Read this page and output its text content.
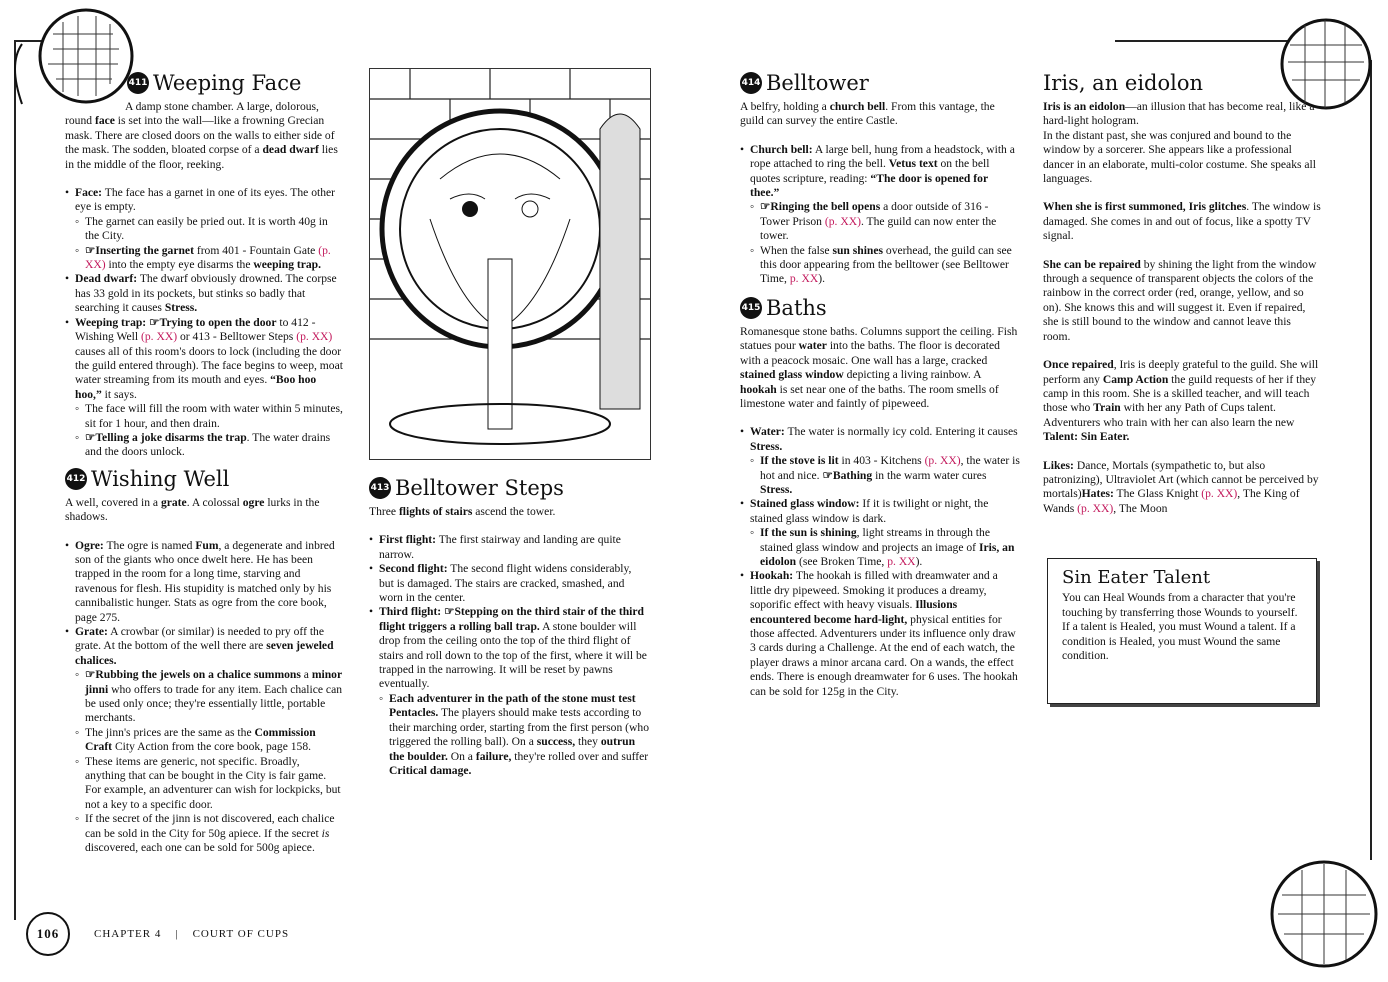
411 Weeping Face

A damp stone chamber. A large, dolorous, round face is set into the wall—like a frowning Grecian mask. There are closed doors on the walls to either side of the mask. The sodden, bloated corpse of a dead dwarf lies in the middle of the floor, reeking.

• Face: The face has a garnet in one of its eyes. The other eye is empty.
◦ The garnet can easily be pried out. It is worth 40g in the City.
◦ ☞Inserting the garnet from 401 - Fountain Gate (p. XX) into the empty eye disarms the weeping trap.
• Dead dwarf: The dwarf obviously drowned. The corpse has 33 gold in its pockets, but stinks so badly that searching it causes Stress.
• Weeping trap: ☞Trying to open the door to 412 - Wishing Well (p. XX) or 413 - Belltower Steps (p. XX) causes all of this room's doors to lock (including the door the guild entered through). The face begins to weep, moat water streaming from its mouth and eyes. “Boo hoo hoo,” it says.
◦ The face will fill the room with water within 5 minutes, sit for 1 hour, and then drain.
◦ ☞Telling a joke disarms the trap. The water drains and the doors unlock.
412 Wishing Well

A well, covered in a grate. A colossal ogre lurks in the shadows.

• Ogre: The ogre is named Fum, a degenerate and inbred son of the giants who once dwelt here. He has been trapped in the room for a long time, starving and ravenous for flesh. His stupidity is matched only by his cannibalistic hunger. Stats as ogre from the core book, page 275.
• Grate: A crowbar (or similar) is needed to pry off the grate. At the bottom of the well there are seven jeweled chalices.
◦ ☞Rubbing the jewels on a chalice summons a minor jinni who offers to trade for any item. Each chalice can be used only once; they're essentially little, portable merchants.
◦ The jinn's prices are the same as the Commission Craft City Action from the core book, page 158.
◦ These items are generic, not specific. Broadly, anything that can be bought in the City is fair game. For example, an adventurer can wish for lockpicks, but not a key to a specific door.
◦ If the secret of the jinn is not discovered, each chalice can be sold in the City for 50g apiece. If the secret is discovered, each one can be sold for 500g apiece.
413 Belltower Steps

Three flights of stairs ascend the tower.

• First flight: The first stairway and landing are quite narrow.
• Second flight: The second flight widens considerably, but is damaged. The stairs are cracked, smashed, and worn in the center.
• Third flight: ☞Stepping on the third stair of the third flight triggers a rolling ball trap. A stone boulder will drop from the ceiling onto the top of the third flight of stairs and roll down to the top of the first, where it will be trapped in the narrowing. It will be reset by pawns eventually.
◦ Each adventurer in the path of the stone must test Pentacles. The players should make tests according to their marching order, starting from the first person (who triggered the rolling ball). On a success, they outrun the boulder. On a failure, they're rolled over and suffer Critical damage.
414 Belltower

A belfry, holding a church bell. From this vantage, the guild can survey the entire Castle.

• Church bell: A large bell, hung from a headstock, with a rope attached to ring the bell. Vetus text on the bell quotes scripture, reading: “The door is opened for thee.”
◦ ☞Ringing the bell opens a door outside of 316 - Tower Prison (p. XX). The guild can now enter the tower.
◦ When the false sun shines overhead, the guild can see this door appearing from the belltower (see Belltower Time, p. XX).
415 Baths

Romanesque stone baths. Columns support the ceiling. Fish statues pour water into the baths. The floor is decorated with a peacock mosaic. One wall has a large, cracked stained glass window depicting a living rainbow. A hookah is set near one of the baths. The room smells of limestone water and faintly of pipeweed.

• Water: The water is normally icy cold. Entering it causes Stress.
◦ If the stove is lit in 403 - Kitchens (p. XX), the water is hot and nice. ☞Bathing in the warm water cures Stress.
• Stained glass window: If it is twilight or night, the stained glass window is dark.
◦ If the sun is shining, light streams in through the stained glass window and projects an image of Iris, an eidolon (see Broken Time, p. XX).
• Hookah: The hookah is filled with dreamwater and a little dry pipeweed. Smoking it produces a dreamy, soporific effect with heavy visuals. Illusions encountered become hard-light, physical entities for those affected. Adventurers under its influence only draw 3 cards during a Challenge. At the end of each watch, the player draws a minor arcana card. On a wands, the effect ends. There is enough dreamwater for 6 uses. The hookah can be sold for 125g in the City.
Iris, an eidolon

Iris is an eidolon—an illusion that has become real, like a hard-light hologram.
In the distant past, she was conjured and bound to the window by a sorcerer. She appears like a professional dancer in an elaborate, multi-color costume. She speaks all languages.

When she is first summoned, Iris glitches. The window is damaged. She comes in and out of focus, like a spotty TV signal.

She can be repaired by shining the light from the window through a sequence of transparent objects the colors of the rainbow in the correct order (red, orange, yellow, and so on). She knows this and will suggest it. Even if repaired, she is still bound to the window and cannot leave this room.

Once repaired, Iris is deeply grateful to the guild. She will perform any Camp Action the guild requests of her if they camp in this room. She is a skilled teacher, and will teach those who Train with her any Path of Cups talent. Adventurers who train with her can also learn the new Talent: Sin Eater.

Likes: Dance, Mortals (sympathetic to, but also patronizing), Ultraviolet Art (which cannot be perceived by mortals)Hates: The Glass Knight (p. XX), The King of Wands (p. XX), The Moon

Sin Eater Talent
You can Heal Wounds from a character that you're touching by transferring those Wounds to yourself. If a talent is Healed, you must Wound a talent. If a condition is Healed, you must Wound the same condition.
106	CHAPTER 4 | COURT OF CUPS
